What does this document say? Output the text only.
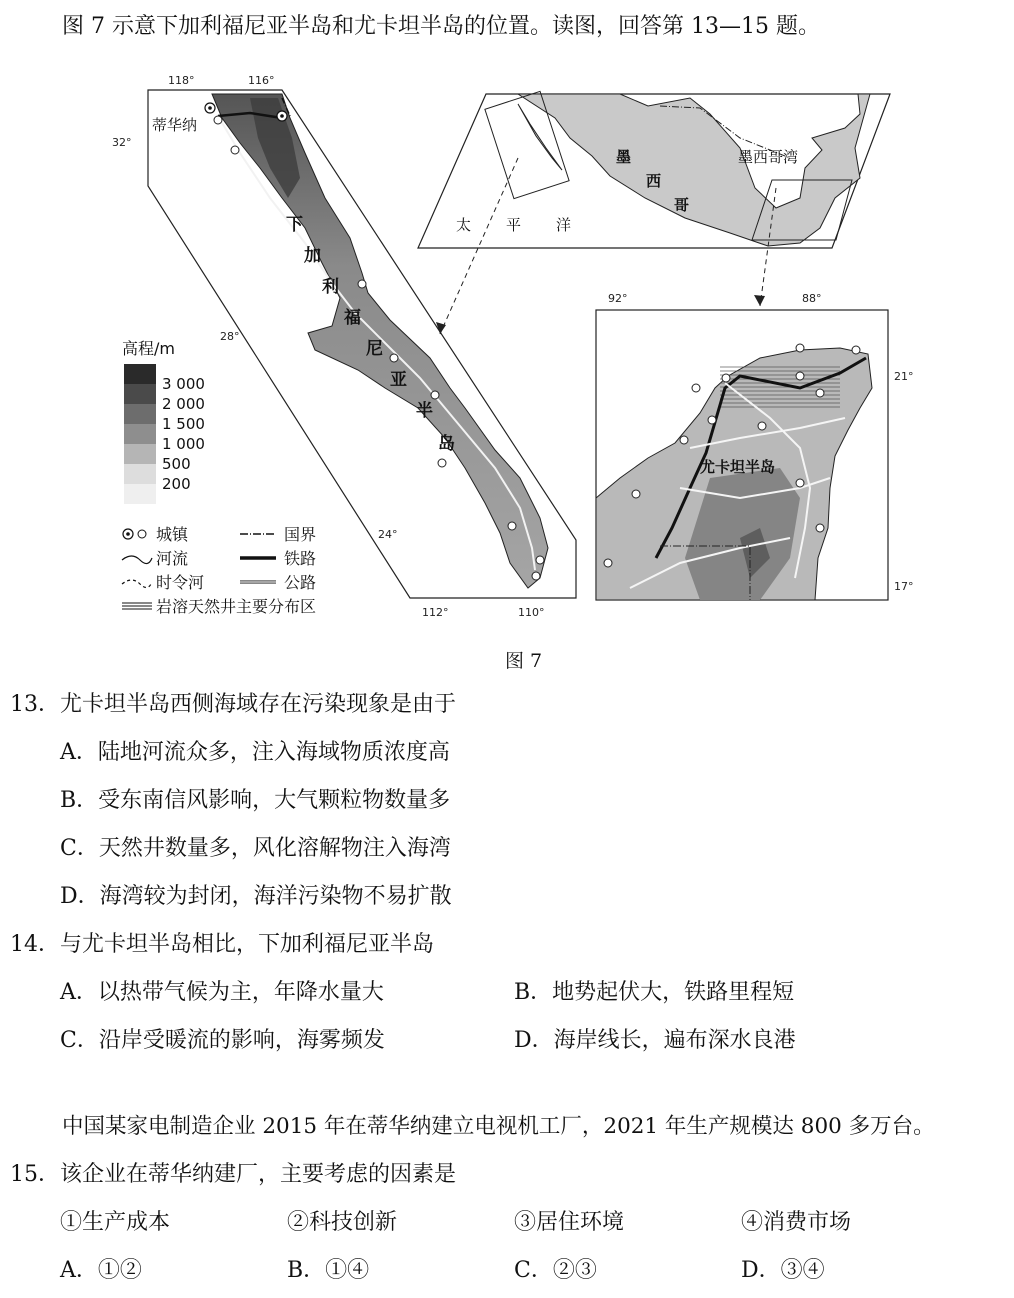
图 7 示意下加利福尼亚半岛和尤卡坦半岛的位置。读图，回答第 13—15 题。
118°	116°
32°
28°
24°
112°	110°
蒂华纳
下
加
利
福
尼
亚
半
岛
墨
西
哥
墨西哥湾
太 平 洋
92°	88°
21°
17°
尤卡坦半岛
高程/m
3 000
2 000
1 500
1 000
500
200
城镇
河流
时令河
岩溶天然井主要分布区
国界
铁路
公路
图 7
13．尤卡坦半岛西侧海域存在污染现象是由于
A．陆地河流众多，注入海域物质浓度高
B．受东南信风影响，大气颗粒物数量多
C．天然井数量多，风化溶解物注入海湾
D．海湾较为封闭，海洋污染物不易扩散
14．与尤卡坦半岛相比，下加利福尼亚半岛
A．以热带气候为主，年降水量大	B．地势起伏大，铁路里程短
C．沿岸受暖流的影响，海雾频发	D．海岸线长，遍布深水良港
中国某家电制造企业 2015 年在蒂华纳建立电视机工厂，2021 年生产规模达 800 多万台。
15．该企业在蒂华纳建厂，主要考虑的因素是
①生产成本	②科技创新	③居住环境	④消费市场
A．①②	B．①④	C．②③	D．③④
